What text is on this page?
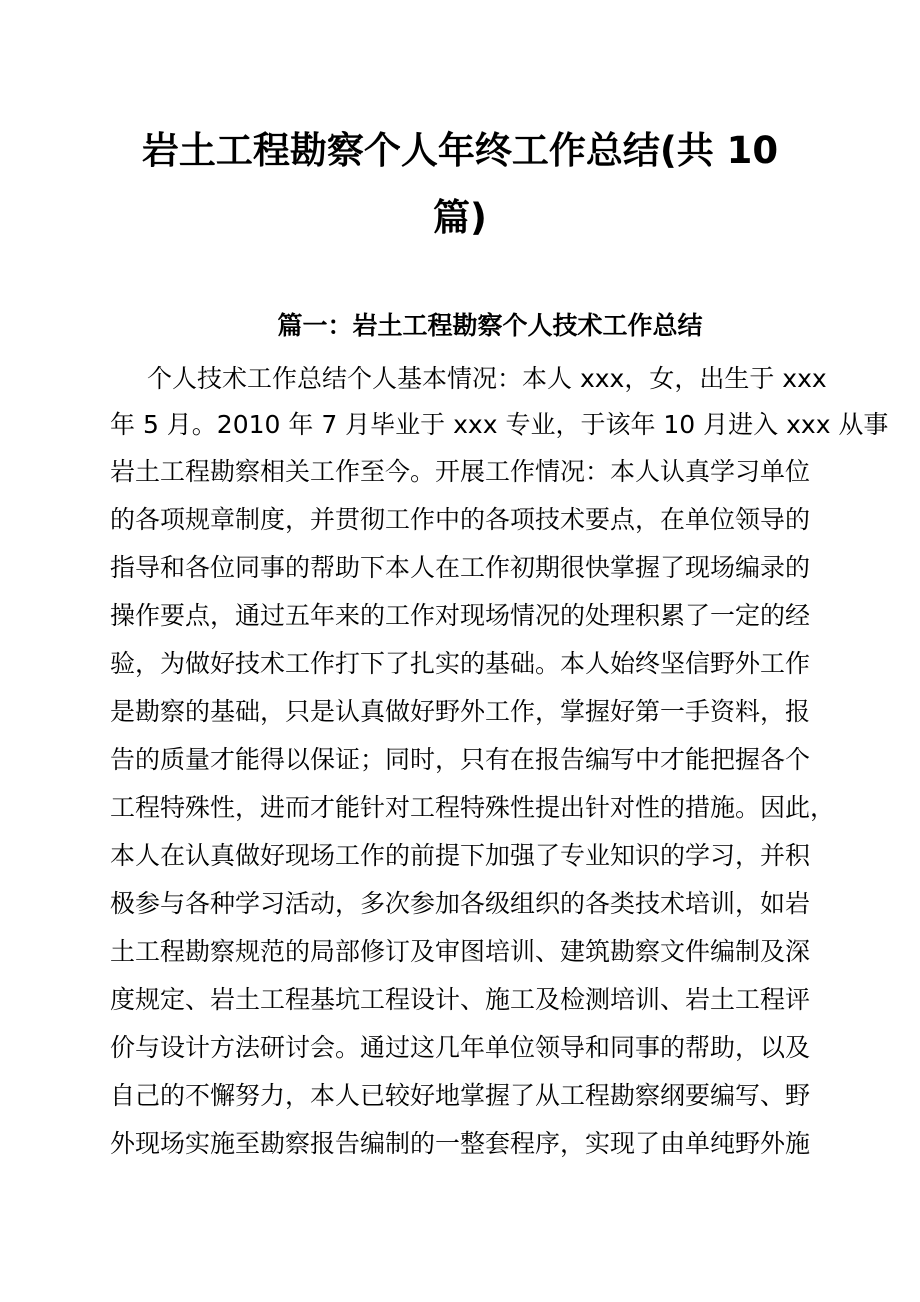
岩土工程勘察个人年终工作总结(共 10
篇)
篇一：岩土工程勘察个人技术工作总结

个人技术工作总结个人基本情况：本人 xxx，女，出生于 xxx

年 5 月。2010 年 7 月毕业于 xxx 专业，于该年 10 月进入 xxx 从事

岩土工程勘察相关工作至今。开展工作情况：本人认真学习单位

的各项规章制度，并贯彻工作中的各项技术要点，在单位领导的

指导和各位同事的帮助下本人在工作初期很快掌握了现场编录的

操作要点，通过五年来的工作对现场情况的处理积累了一定的经

验，为做好技术工作打下了扎实的基础。本人始终坚信野外工作

是勘察的基础，只是认真做好野外工作，掌握好第一手资料，报

告的质量才能得以保证；同时，只有在报告编写中才能把握各个

工程特殊性，进而才能针对工程特殊性提出针对性的措施。因此，

本人在认真做好现场工作的前提下加强了专业知识的学习，并积

极参与各种学习活动，多次参加各级组织的各类技术培训，如岩

土工程勘察规范的局部修订及审图培训、建筑勘察文件编制及深

度规定、岩土工程基坑工程设计、施工及检测培训、岩土工程评

价与设计方法研讨会。通过这几年单位领导和同事的帮助，以及

自己的不懈努力，本人已较好地掌握了从工程勘察纲要编写、野

外现场实施至勘察报告编制的一整套程序，实现了由单纯野外施
